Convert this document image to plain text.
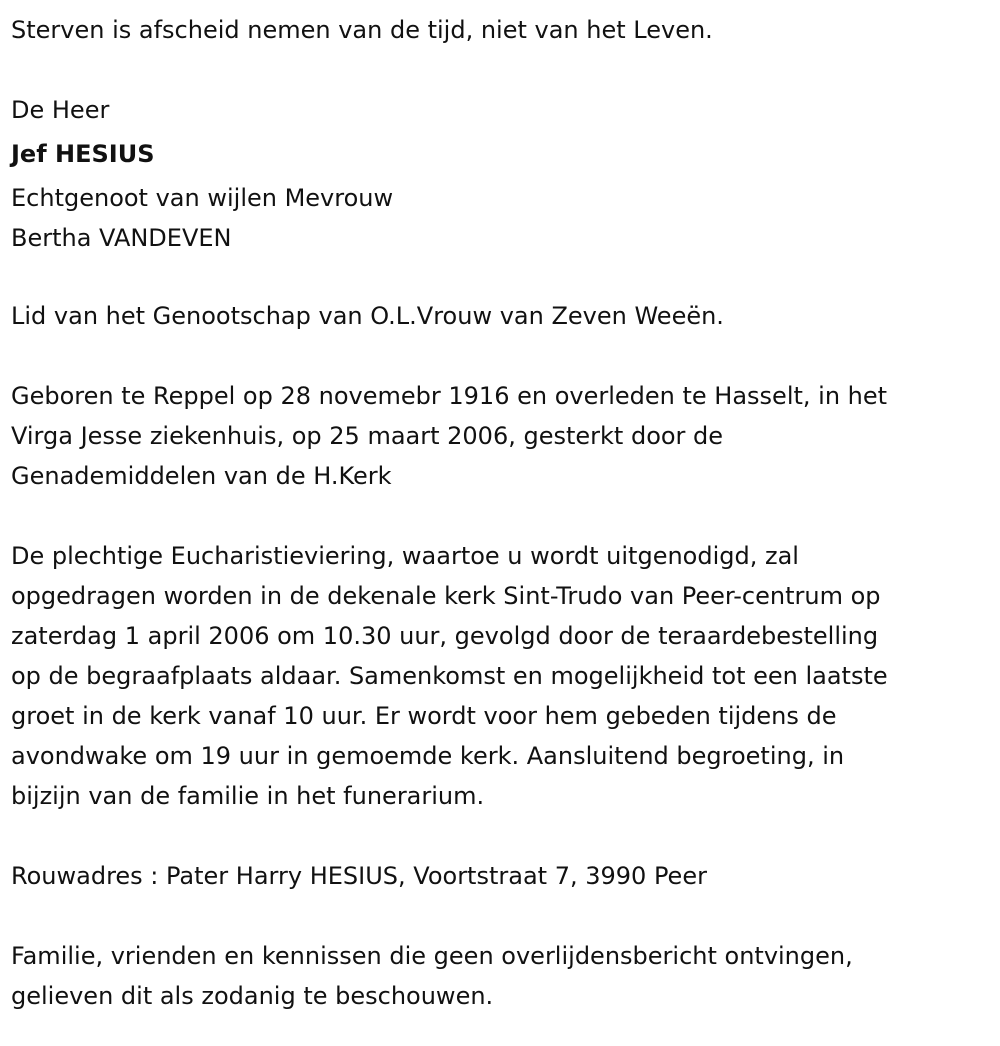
Sterven is afscheid nemen van de tijd, niet van het Leven.

De Heer

Jef HESIUS

Echtgenoot van wijlen Mevrouw

Bertha VANDEVEN

Lid van het Genootschap van O.L.Vrouw van Zeven Weeën.

Geboren te Reppel op 28 novemebr 1916 en overleden te Hasselt, in het

Virga Jesse ziekenhuis, op 25 maart 2006, gesterkt door de

Genademiddelen van de H.Kerk

De plechtige Eucharistieviering, waartoe u wordt uitgenodigd, zal

opgedragen worden in de dekenale kerk Sint-Trudo van Peer-centrum op

zaterdag 1 april 2006 om 10.30 uur, gevolgd door de teraardebestelling

op de begraafplaats aldaar. Samenkomst en mogelijkheid tot een laatste

groet in de kerk vanaf 10 uur. Er wordt voor hem gebeden tijdens de

avondwake om 19 uur in gemoemde kerk. Aansluitend begroeting, in

bijzijn van de familie in het funerarium.

Rouwadres : Pater Harry HESIUS, Voortstraat 7, 3990 Peer

Familie, vrienden en kennissen die geen overlijdensbericht ontvingen,

gelieven dit als zodanig te beschouwen.
